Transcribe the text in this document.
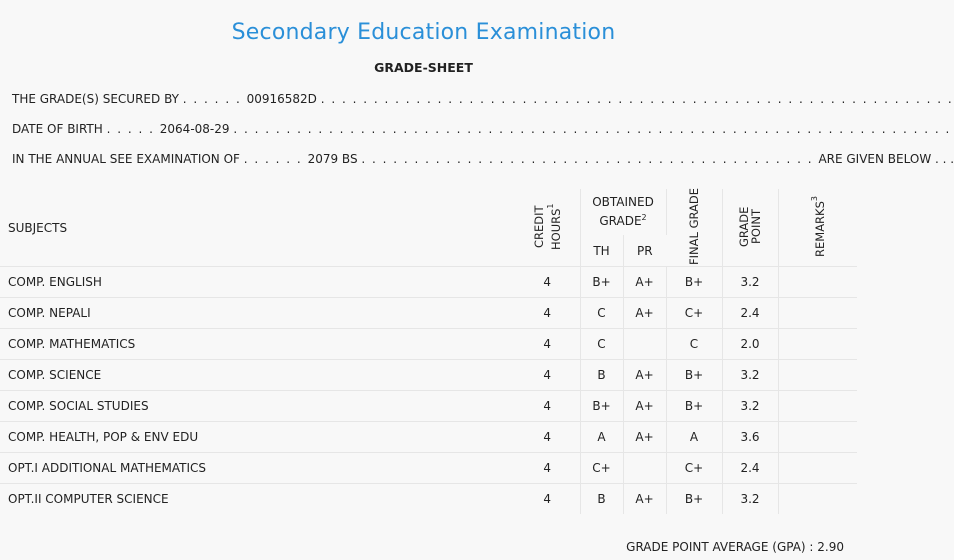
Secondary Education Examination
GRADE-SHEET
THE GRADE(S) SECURED BY . . . . . . 00916582D . . . . . . . . . . . . . . . . . . . . . . . . . . . . . . . . . . . . . . . . . . . . . . . . . . . . . . . . . . . .
DATE OF BIRTH . . . . . 2064-08-29 . . . . . . . . . . . . . . . . . . . . . . . . . . . . . . . . . . . . . . . . . . . . . . . . . . . . . . . . . . . . . . . . . . . .
IN THE ANNUAL SEE EXAMINATION OF . . . . . . 2079 BS . . . . . . . . . . . . . . . . . . . . . . . . . . . . . . . . . . . . . . . . . . . ARE GIVEN BELOW . . .
SUBJECTS	CREDIT HOURS$^1$	OBTAINED GRADE$^2$		FINAL GRADE	GRADE POINT	REMARKS$^3$
		TH	PR			
COMP. ENGLISH	4	B+	A+	B+	3.2	
COMP. NEPALI	4	C	A+	C+	2.4	
COMP. MATHEMATICS	4	C		C	2.0	
COMP. SCIENCE	4	B	A+	B+	3.2	
COMP. SOCIAL STUDIES	4	B+	A+	B+	3.2	
COMP. HEALTH, POP & ENV EDU	4	A	A+	A	3.6	
OPT.I ADDITIONAL MATHEMATICS	4	C+		C+	2.4	
OPT.II COMPUTER SCIENCE	4	B	A+	B+	3.2	
GRADE POINT AVERAGE (GPA) : 2.90
